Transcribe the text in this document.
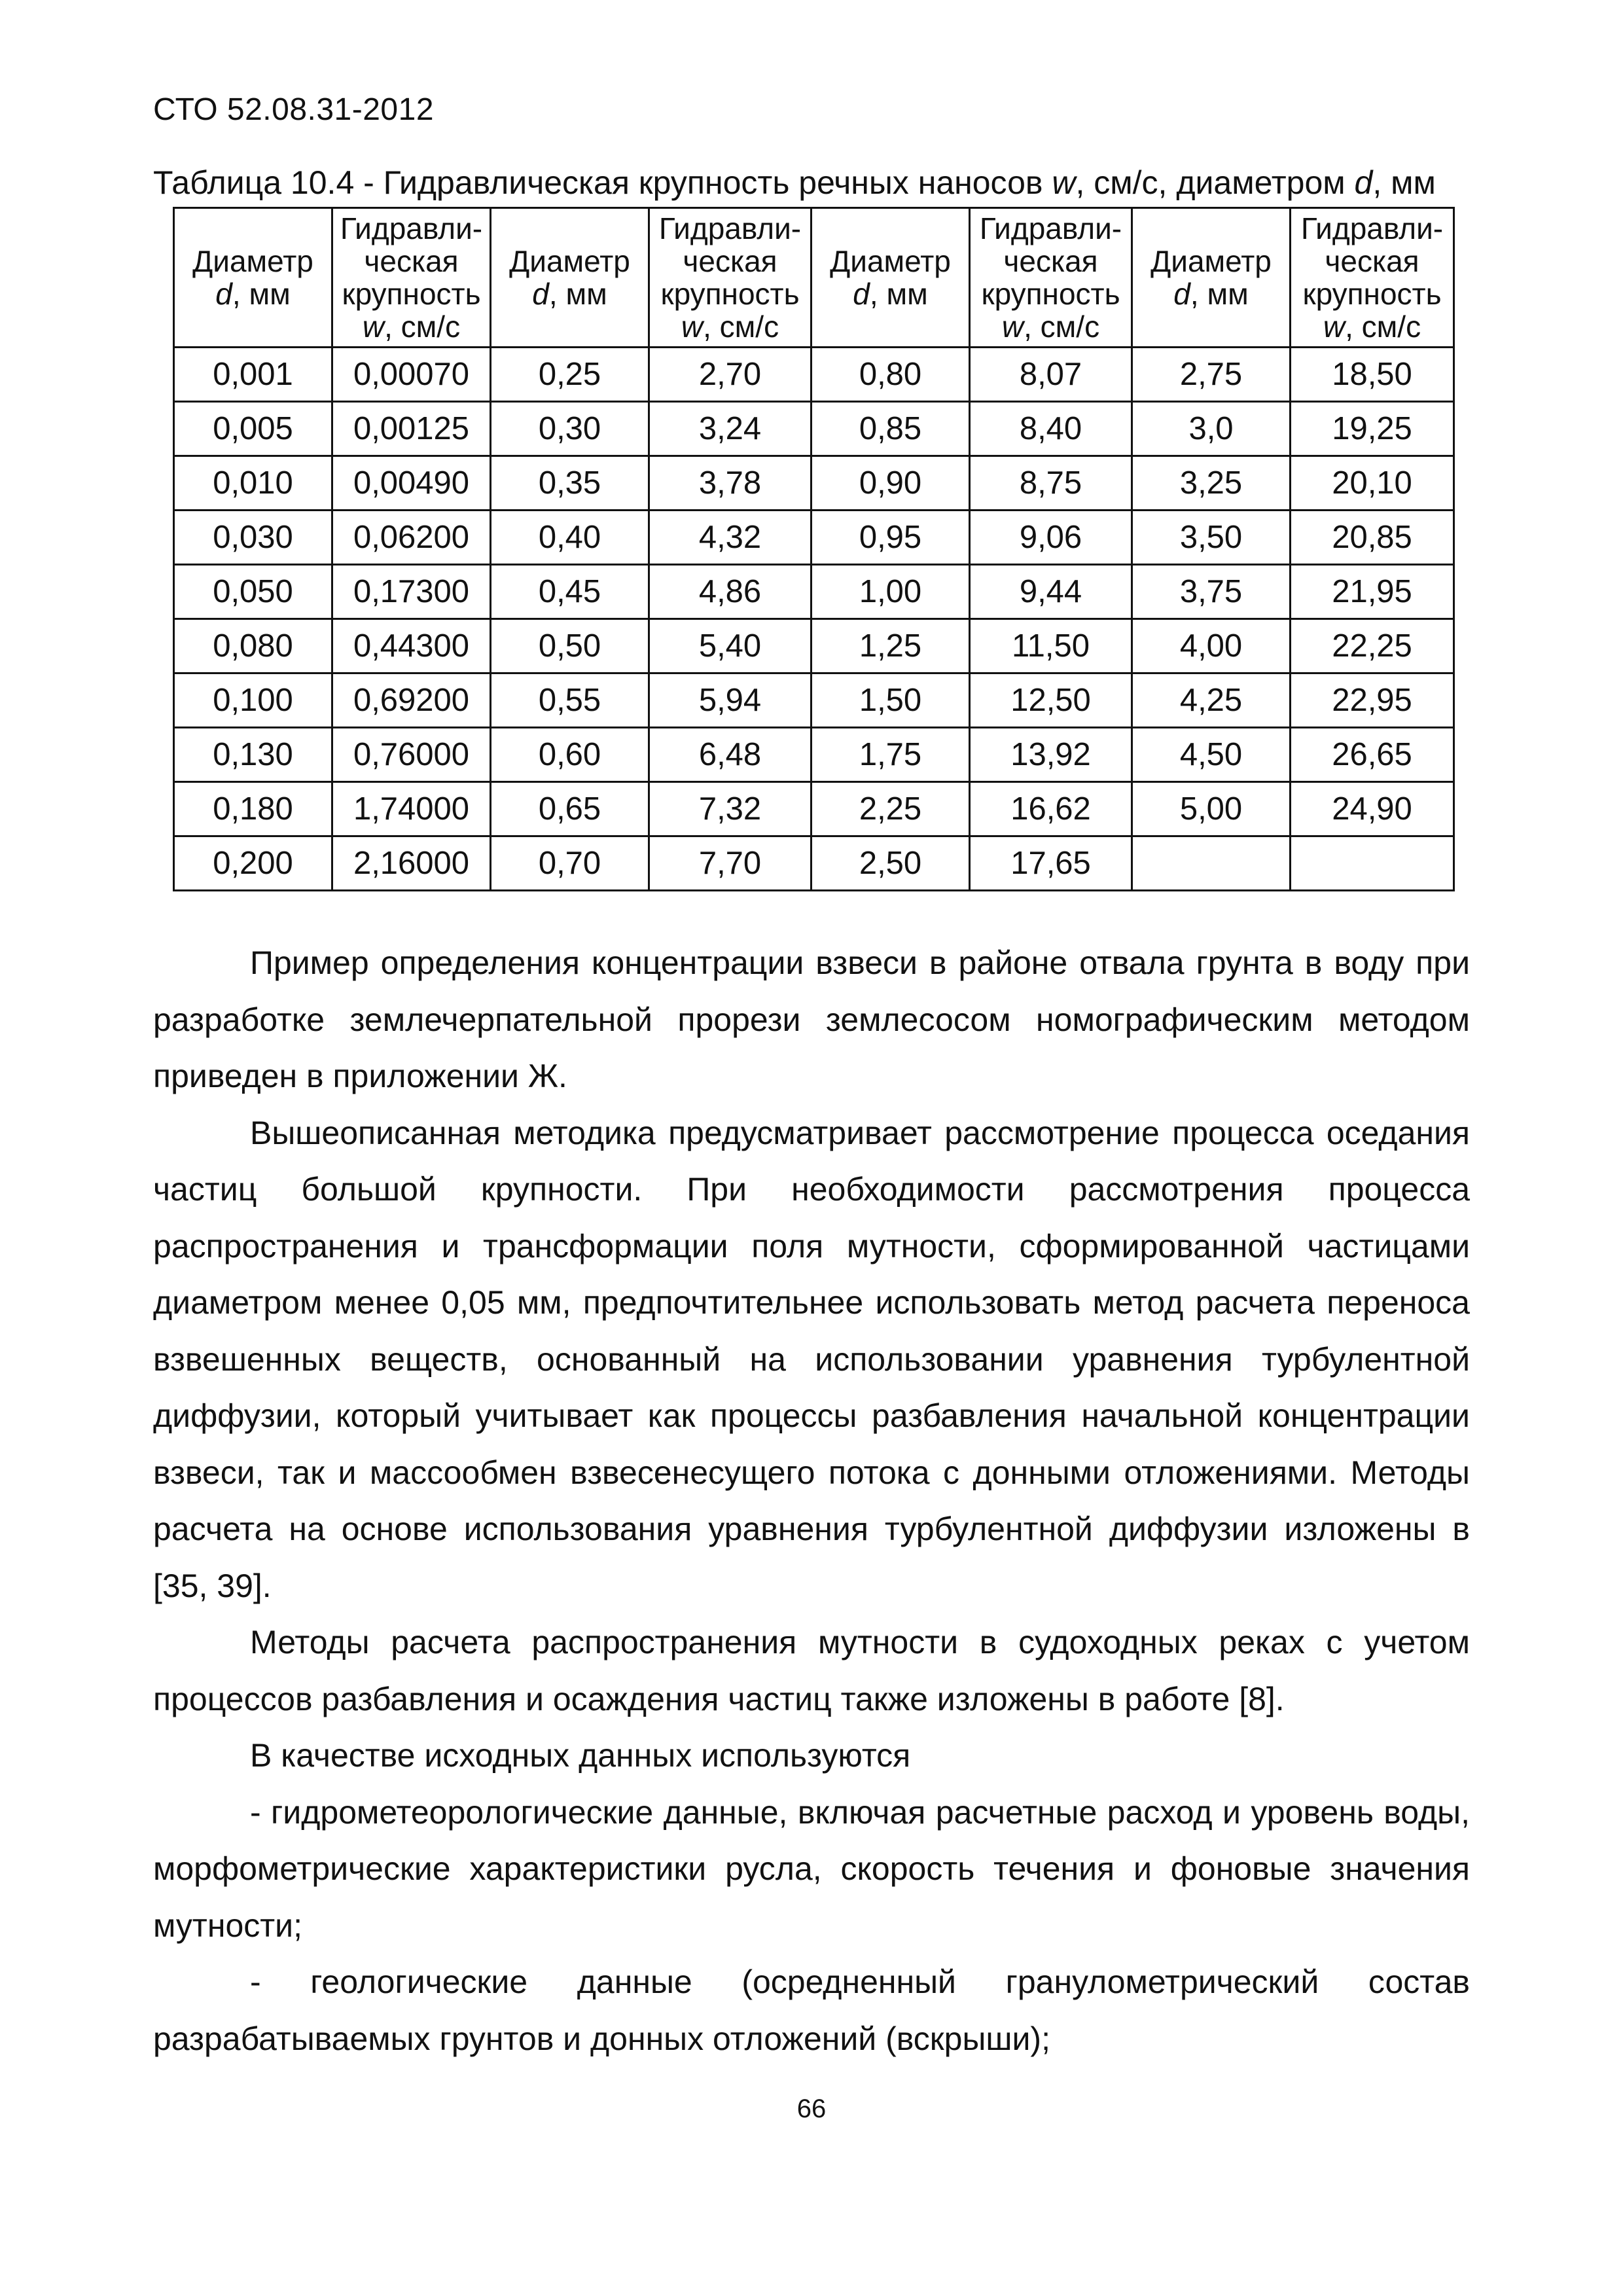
СТО 52.08.31-2012
Таблица 10.4 - Гидравлическая крупность речных наносов w, см/с, диаметром d, мм
Диаметр
d, мм	Гидравли-
ческая
крупность
w, см/с	Диаметр
d, мм	Гидравли-
ческая
крупность
w, см/с	Диаметр
d, мм	Гидравли-
ческая
крупность
w, см/с	Диаметр
d, мм	Гидравли-
ческая
крупность
w, см/с
0,001	0,00070	0,25	2,70	0,80	8,07	2,75	18,50
0,005	0,00125	0,30	3,24	0,85	8,40	3,0	19,25
0,010	0,00490	0,35	3,78	0,90	8,75	3,25	20,10
0,030	0,06200	0,40	4,32	0,95	9,06	3,50	20,85
0,050	0,17300	0,45	4,86	1,00	9,44	3,75	21,95
0,080	0,44300	0,50	5,40	1,25	11,50	4,00	22,25
0,100	0,69200	0,55	5,94	1,50	12,50	4,25	22,95
0,130	0,76000	0,60	6,48	1,75	13,92	4,50	26,65
0,180	1,74000	0,65	7,32	2,25	16,62	5,00	24,90
0,200	2,16000	0,70	7,70	2,50	17,65		

Пример определения концентрации взвеси в районе отвала грунта в воду при разработке землечерпательной прорези землесосом номографическим методом приведен в приложении Ж.

Вышеописанная методика предусматривает рассмотрение процесса оседания частиц большой крупности. При необходимости рассмотрения процесса распространения и трансформации поля мутности, сформированной частицами диаметром менее 0,05 мм, предпочтительнее использовать метод расчета переноса взвешенных веществ, основанный на использовании уравнения турбулентной диффузии, который учитывает как процессы разбавления начальной концентрации взвеси, так и массообмен взвесенесущего потока с донными отложениями. Методы расчета на основе использования уравнения турбулентной диффузии изложены в [35, 39].

Методы расчета распространения мутности в судоходных реках с учетом процессов разбавления и осаждения частиц также изложены в работе [8].

В качестве исходных данных используются

- гидрометеорологические данные, включая расчетные расход и уровень воды, морфометрические характеристики русла, скорость течения и фоновые значения мутности;

- геологические данные (осредненный гранулометрический состав разрабатываемых грунтов и донных отложений (вскрыши);

66
